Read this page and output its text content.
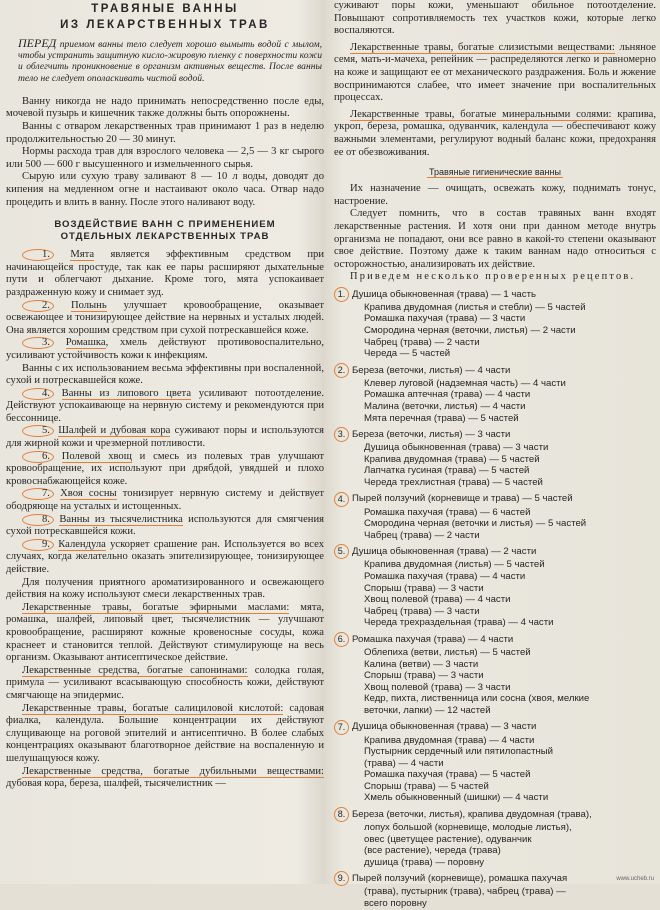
ТРАВЯНЫЕ ВАННЫ
ИЗ ЛЕКАРСТВЕННЫХ ТРАВ
ПЕРЕД приемом ванны тело следует хорошо вымыть водой с мылом, чтобы устранить защитную кисло-жировую пленку с поверхности кожи и облегчить проникновение в организм активных веществ. После ванны тело не следует ополаскивать чистой водой.

Ванну никогда не надо принимать непосредственно после еды, мочевой пузырь и кишечник также должны быть опорожнены.

Ванны с отваром лекарственных трав принимают 1 раз в неделю продолжительностью 20 — 30 минут.

Нормы расхода трав для взрослого человека — 2,5 — 3 кг сырого или 500 — 600 г высушенного и измельченного сырья.

Сырую или сухую траву заливают 8 — 10 л воды, доводят до кипения на медленном огне и настаивают около часа. Отвар надо процедить и влить в ванну. После этого наливают воду.

ВОЗДЕЙСТВИЕ ВАНН С ПРИМЕНЕНИЕМ
ОТДЕЛЬНЫХ ЛЕКАРСТВЕННЫХ ТРАВ

1. Мята является эффективным средством при начинающейся простуде, так как ее пары расширяют дыхательные пути и облегчают дыхание. Кроме того, мята успокаивает раздраженную кожу и снимает зуд.

2. Полынь улучшает кровообращение, оказывает освежающее и тонизирующее действие на нервных и усталых людей. Она является хорошим средством при сухой потрескавшейся коже.

3. Ромашка, хмель действуют противовоспалительно, усиливают устойчивость кожи к инфекциям.

Ванны с их использованием весьма эффективны при воспаленной, сухой и потрескавшейся коже.

4. Ванны из липового цвета усиливают потоотделение. Действуют успокаивающе на нервную систему и рекомендуются при бессоннице.

5. Шалфей и дубовая кора суживают поры и используются для жирной кожи и чрезмерной потливости.

6. Полевой хвощ и смесь из полевых трав улучшают кровообращение, их используют при дрябдой, увядшей и плохо кровоснабжающейся коже.

7. Хвоя сосны тонизирует нервную систему и действует ободряюще на усталых и истощенных.

8. Ванны из тысячелистника используются для смягчения сухой потрескавшейся кожи.

9. Календула ускоряет срашение ран. Используется во всех случаях, когда желательно оказать эпителизирующее, тонизирующее действие.

Для получения приятного ароматизированного и освежающего действия на кожу используют смеси лекарственных трав.

Лекарственные травы, богатые эфирными маслами: мята, ромашка, шалфей, липовый цвет, тысячелистник — улучшают кровообращение, расширяют кожные кровеносные сосуды, кожа краснеет и становится теплой. Действуют стимулирующе на весь организм. Оказывают антисептическое действие.

Лекарственные средства, богатые сапонинами: солодка голая, примула — усиливают всасывающую способность кожи, действуют смягчающе на эпидермис.

Лекарственные травы, богатые салициловой кислотой: садовая фиалка, календула. Большие концентрации их действуют слущивающе на роговой эпителий и антисептично. В более слабых концентрациях оказывают благотворное действие на воспаленную и шелушащуюся кожу.

Лекарственные средства, богатые дубильными веществами: дубовая кора, береза, шалфей, тысячелистник —

суживают поры кожи, уменьшают обильное потоотделение. Повышают сопротивляемость тех участков кожи, которые легко воспаляются.

Лекарственные травы, богатые слизистыми веществами: льняное семя, мать-и-мачеха, репейник — распределяются легко и равномерно на коже и защищают ее от механического раздражения. Боль и жжение воспринимаются слабее, что имеет значение при воспалительных процессах.

Лекарственные травы, богатые минеральными солями: крапива, укроп, береза, ромашка, одуванчик, календула — обеспечивают кожу важными элементами, регулируют водный баланс кожи, предохраняя ее от обезвоживания.

Травяные гигиенические ванны

Их назначение — очищать, освежать кожу, поднимать тонус, настроение.

Следует помнить, что в состав травяных ванн входят лекарственные растения. И хотя они при данном методе внутрь организма не попадают, они все равно в какой-то степени оказывают свое действие. Поэтому даже к таким ваннам надо относиться с осторожностью, анализировать их действие.

Приведем несколько проверенных рецептов.

1. Душица обыкновенная (трава) — 1 часть
Крапива двудомная (листья и стебли) — 5 частей
Ромашка пахучая (трава) — 3 части
Смородина черная (веточки, листья) — 2 части
Чабрец (трава) — 2 части
Череда — 5 частей
2. Береза (веточки, листья) — 4 части
Клевер луговой (надземная часть) — 4 части
Ромашка аптечная (трава) — 4 части
Малина (веточки, листья) — 4 части
Мята перечная (трава) — 5 частей
3. Береза (веточки, листья) — 3 части
Душица обыкновенная (трава) — 3 части
Крапива двудомная (трава) — 5 частей
Лапчатка гусиная (трава) — 5 частей
Череда трехлистная (трава) — 5 частей
4. Пырей ползучий (корневище и трава) — 5 частей
Ромашка пахучая (трава) — 6 частей
Смородина черная (веточки и листья) — 5 частей
Чабрец (трава) — 2 части
5. Душица обыкновенная (трава) — 2 части
Крапива двудомная (листья) — 5 частей
Ромашка пахучая (трава) — 4 части
Спорыш (трава) — 3 части
Хвощ полевой (трава) — 4 части
Чабрец (трава) — 3 части
Череда трехраздельная (трава) — 4 части
6. Ромашка пахучая (трава) — 4 части
Облепиха (ветви, листья) — 5 частей
Калина (ветви) — 3 части
Спорыш (трава) — 3 части
Хвощ полевой (трава) — 3 части
Кедр, пихта, лиственница или сосна (хвоя, мелкие
веточки, лапки) — 12 частей
7. Душица обыкновенная (трава) — 3 части
Крапива двудомная (трава) — 4 части
Пустырник сердечный или пятилопастный
(трава) — 4 части
Ромашка пахучая (трава) — 5 частей
Спорыш (трава) — 5 частей
Хмель обыкновенный (шишки) — 4 части
8. Береза (веточки, листья), крапива двудомная (трава),
лопух большой (корневище, молодые листья),
овес (цветущее растение), одуванчик
(все растение), череда (трава)
душица (трава) — поровну
9. Пырей ползучий (корневище), ромашка пахучая
(трава), пустырник (трава), чабрец (трава) —
всего поровну
www.ucheb.ru
